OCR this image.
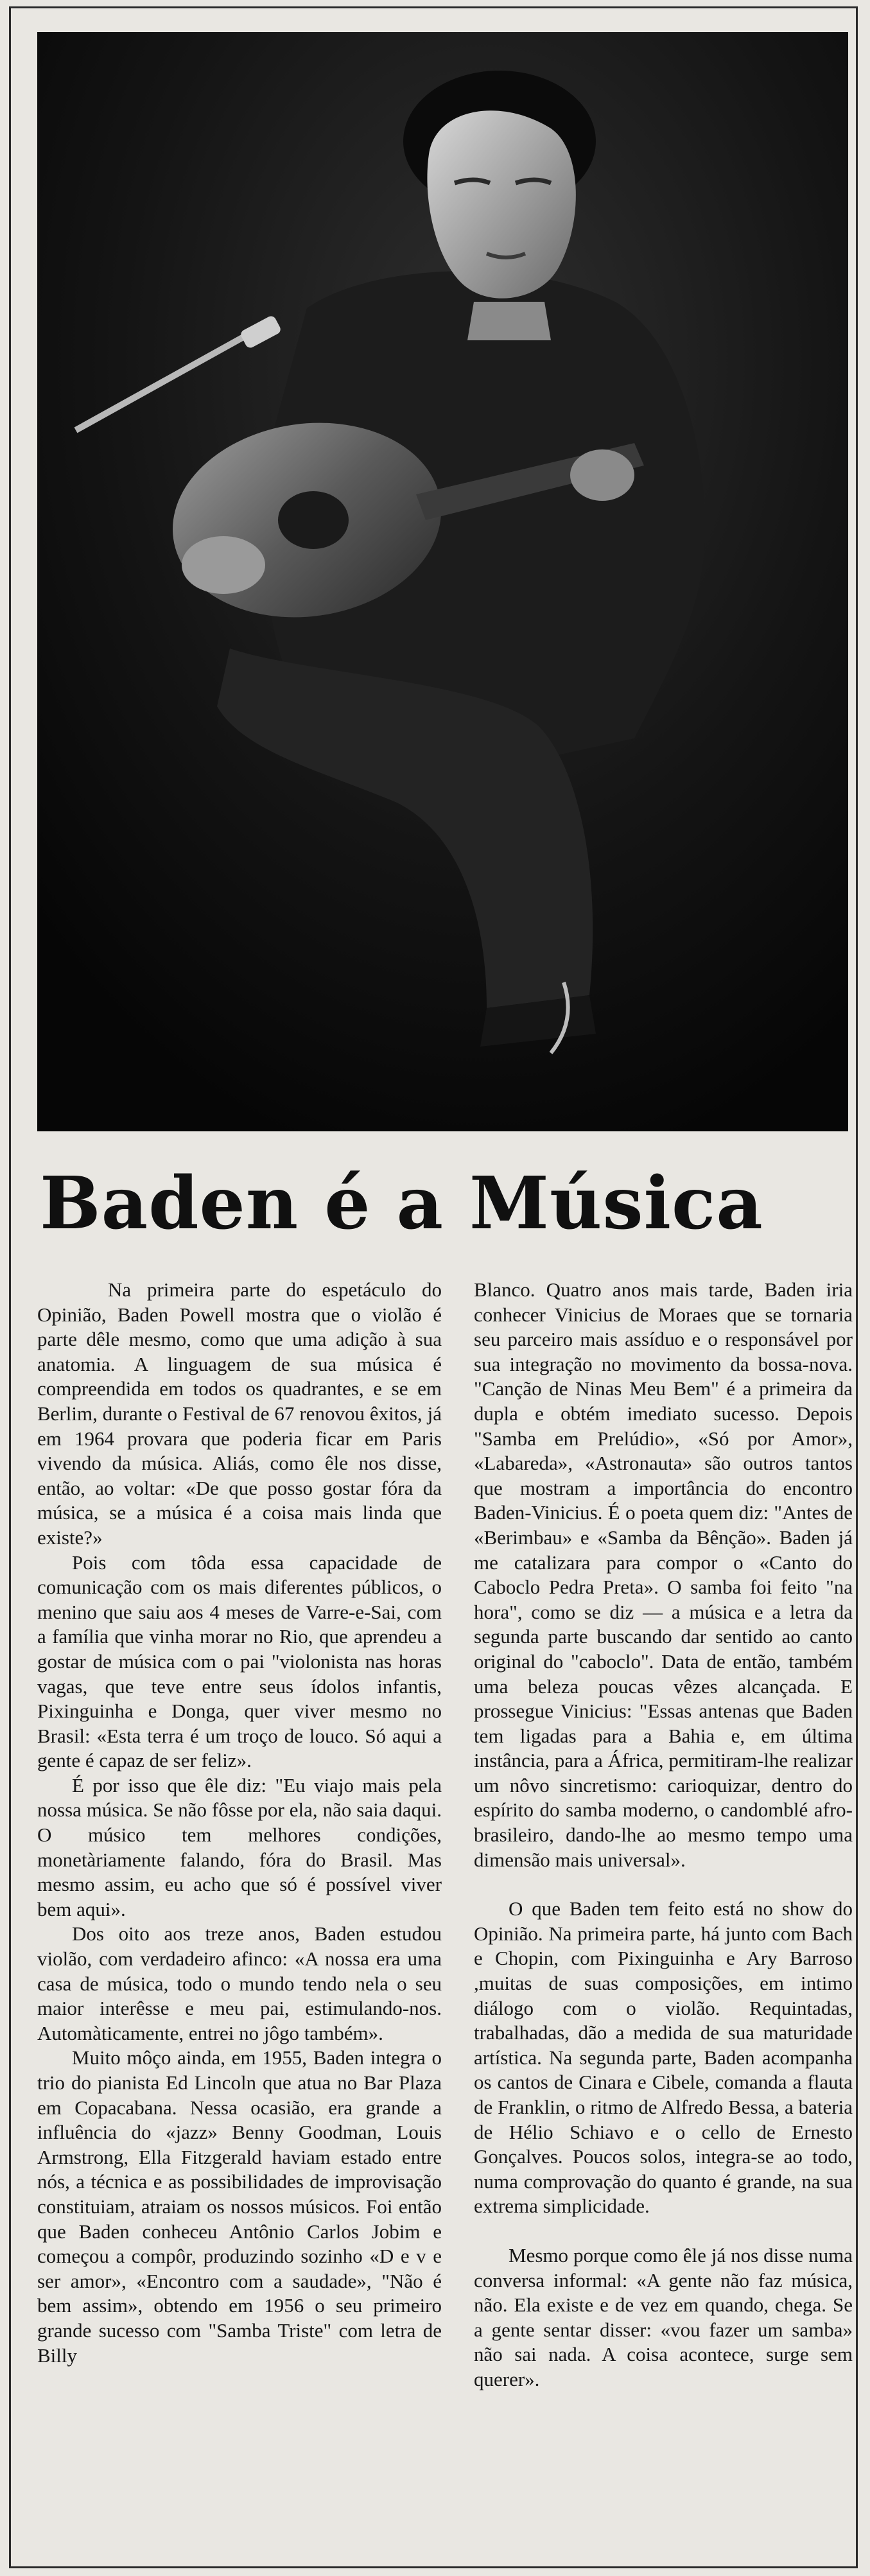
Baden é a Música

Na primeira parte do espetáculo do Opinião, Baden Powell mostra que o violão é parte dêle mesmo, como que uma adição à sua anatomia. A linguagem de sua música é compreendida em todos os quadrantes, e se em Berlim, durante o Festival de 67 renovou êxitos, já em 1964 provara que poderia ficar em Paris vivendo da música. Aliás, como êle nos disse, então, ao voltar: «De que posso gostar fóra da música, se a música é a coisa mais linda que existe?»

Pois com tôda essa capacidade de comunicação com os mais diferentes públicos, o menino que saiu aos 4 meses de Varre-e-Sai, com a família que vinha morar no Rio, que aprendeu a gostar de música com o pai "violonista nas horas vagas, que teve entre seus ídolos infantis, Pixinguinha e Donga, quer viver mesmo no Brasil: «Esta terra é um troço de louco. Só aqui a gente é capaz de ser feliz».

É por isso que êle diz: "Eu viajo mais pela nossa música. Se não fôsse por ela, não saia daqui. O músico tem melhores condições, monetàriamente falando, fóra do Brasil. Mas mesmo assim, eu acho que só é possível viver bem aqui».

Dos oito aos treze anos, Baden estudou violão, com verdadeiro afinco: «A nossa era uma casa de música, todo o mundo tendo nela o seu maior interêsse e meu pai, estimulando-nos. Automàticamente, entrei no jôgo também».

Muito môço ainda, em 1955, Baden integra o trio do pianista Ed Lincoln que atua no Bar Plaza em Copacabana. Nessa ocasião, era grande a influência do «jazz» Benny Goodman, Louis Armstrong, Ella Fitzgerald haviam estado entre nós, a técnica e as possibilidades de improvisação constituiam, atraiam os nossos músicos. Foi então que Baden conheceu Antônio Carlos Jobim e começou a compôr, produzindo sozinho «D e v e ser amor», «Encontro com a saudade», "Não é bem assim», obtendo em 1956 o seu primeiro grande sucesso com "Samba Triste" com letra de Billy

Blanco. Quatro anos mais tarde, Baden iria conhecer Vinicius de Moraes que se tornaria seu parceiro mais assíduo e o responsável por sua integração no movimento da bossa-nova. "Canção de Ninas Meu Bem" é a primeira da dupla e obtém imediato sucesso. Depois "Samba em Prelúdio», «Só por Amor», «Labareda», «Astronauta» são outros tantos que mostram a importância do encontro Baden-Vinicius. É o poeta quem diz: "Antes de «Berimbau» e «Samba da Bênção». Baden já me catalizara para compor o «Canto do Caboclo Pedra Preta». O samba foi feito "na hora", como se diz — a música e a letra da segunda parte buscando dar sentido ao canto original do "caboclo". Data de então, também uma beleza poucas vêzes alcançada. E prossegue Vinicius: "Essas antenas que Baden tem ligadas para a Bahia e, em última instância, para a África, permitiram-lhe realizar um nôvo sincretismo: carioquizar, dentro do espírito do samba moderno, o candomblé afro-brasileiro, dando-lhe ao mesmo tempo uma dimensão mais universal».

O que Baden tem feito está no show do Opinião. Na primeira parte, há junto com Bach e Chopin, com Pixinguinha e Ary Barroso ,muitas de suas composições, em intimo diálogo com o violão. Requintadas, trabalhadas, dão a medida de sua maturidade artística. Na segunda parte, Baden acompanha os cantos de Cinara e Cibele, comanda a flauta de Franklin, o ritmo de Alfredo Bessa, a bateria de Hélio Schiavo e o cello de Ernesto Gonçalves. Poucos solos, integra-se ao todo, numa comprovação do quanto é grande, na sua extrema simplicidade.

Mesmo porque como êle já nos disse numa conversa informal: «A gente não faz música, não. Ela existe e de vez em quando, chega. Se a gente sentar disser: «vou fazer um samba» não sai nada. A coisa acontece, surge sem querer».
